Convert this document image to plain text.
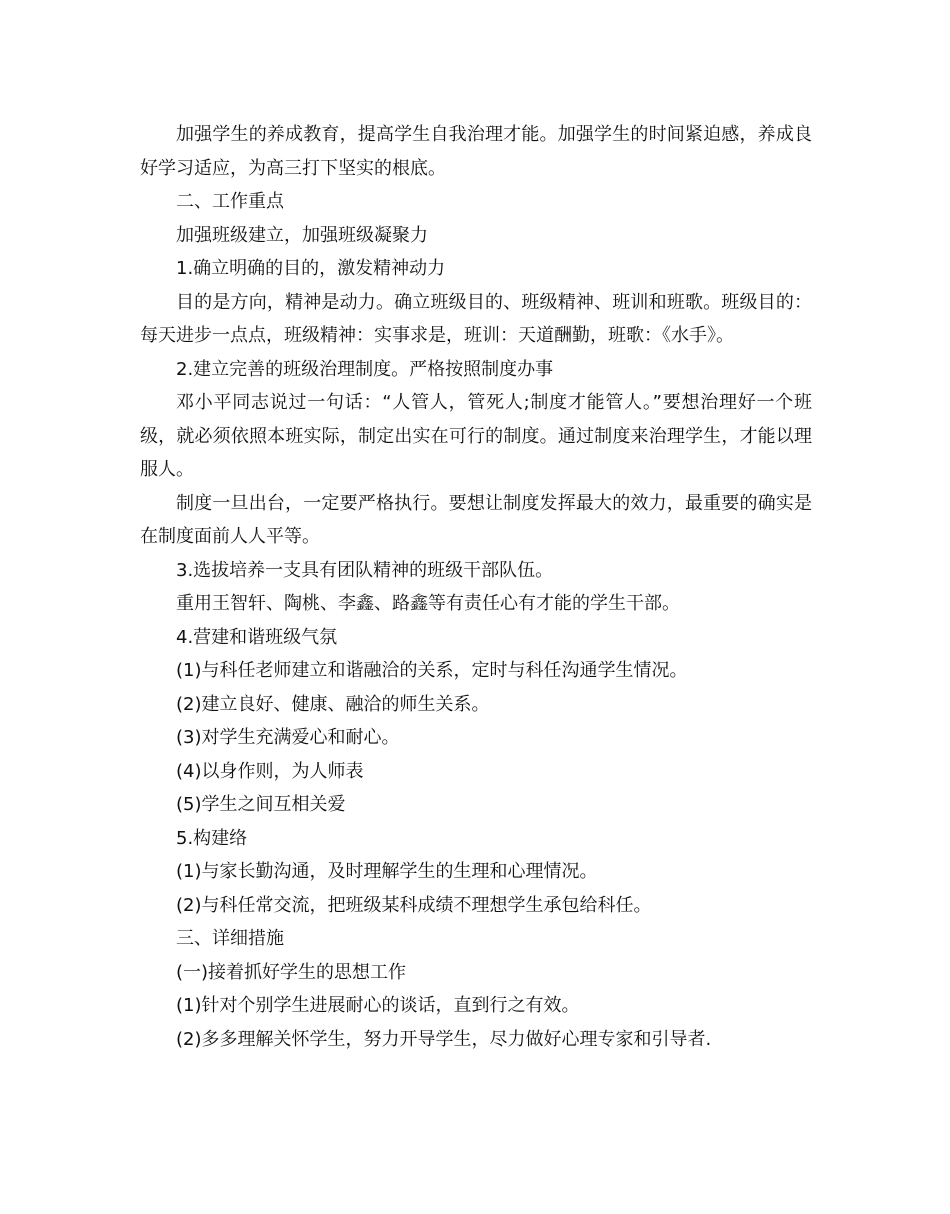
加强学生的养成教育，提高学生自我治理才能。加强学生的时间紧迫感，养成良好学习适应，为高三打下坚实的根底。

二、工作重点

加强班级建立，加强班级凝聚力

1.确立明确的目的，激发精神动力

目的是方向，精神是动力。确立班级目的、班级精神、班训和班歌。班级目的：每天进步一点点，班级精神：实事求是，班训：天道酬勤，班歌：《水手》。

2.建立完善的班级治理制度。严格按照制度办事

邓小平同志说过一句话：“人管人，管死人;制度才能管人。”要想治理好一个班级，就必须依照本班实际，制定出实在可行的制度。通过制度来治理学生，才能以理服人。

制度一旦出台，一定要严格执行。要想让制度发挥最大的效力，最重要的确实是在制度面前人人平等。

3.选拔培养一支具有团队精神的班级干部队伍。

重用王智轩、陶桃、李鑫、路鑫等有责任心有才能的学生干部。

4.营建和谐班级气氛

(1)与科任老师建立和谐融洽的关系，定时与科任沟通学生情况。

(2)建立良好、健康、融洽的师生关系。

(3)对学生充满爱心和耐心。

(4)以身作则，为人师表

(5)学生之间互相关爱

5.构建络

(1)与家长勤沟通，及时理解学生的生理和心理情况。

(2)与科任常交流，把班级某科成绩不理想学生承包给科任。

三、详细措施

(一)接着抓好学生的思想工作

(1)针对个别学生进展耐心的谈话，直到行之有效。

(2)多多理解关怀学生，努力开导学生，尽力做好心理专家和引导者.
